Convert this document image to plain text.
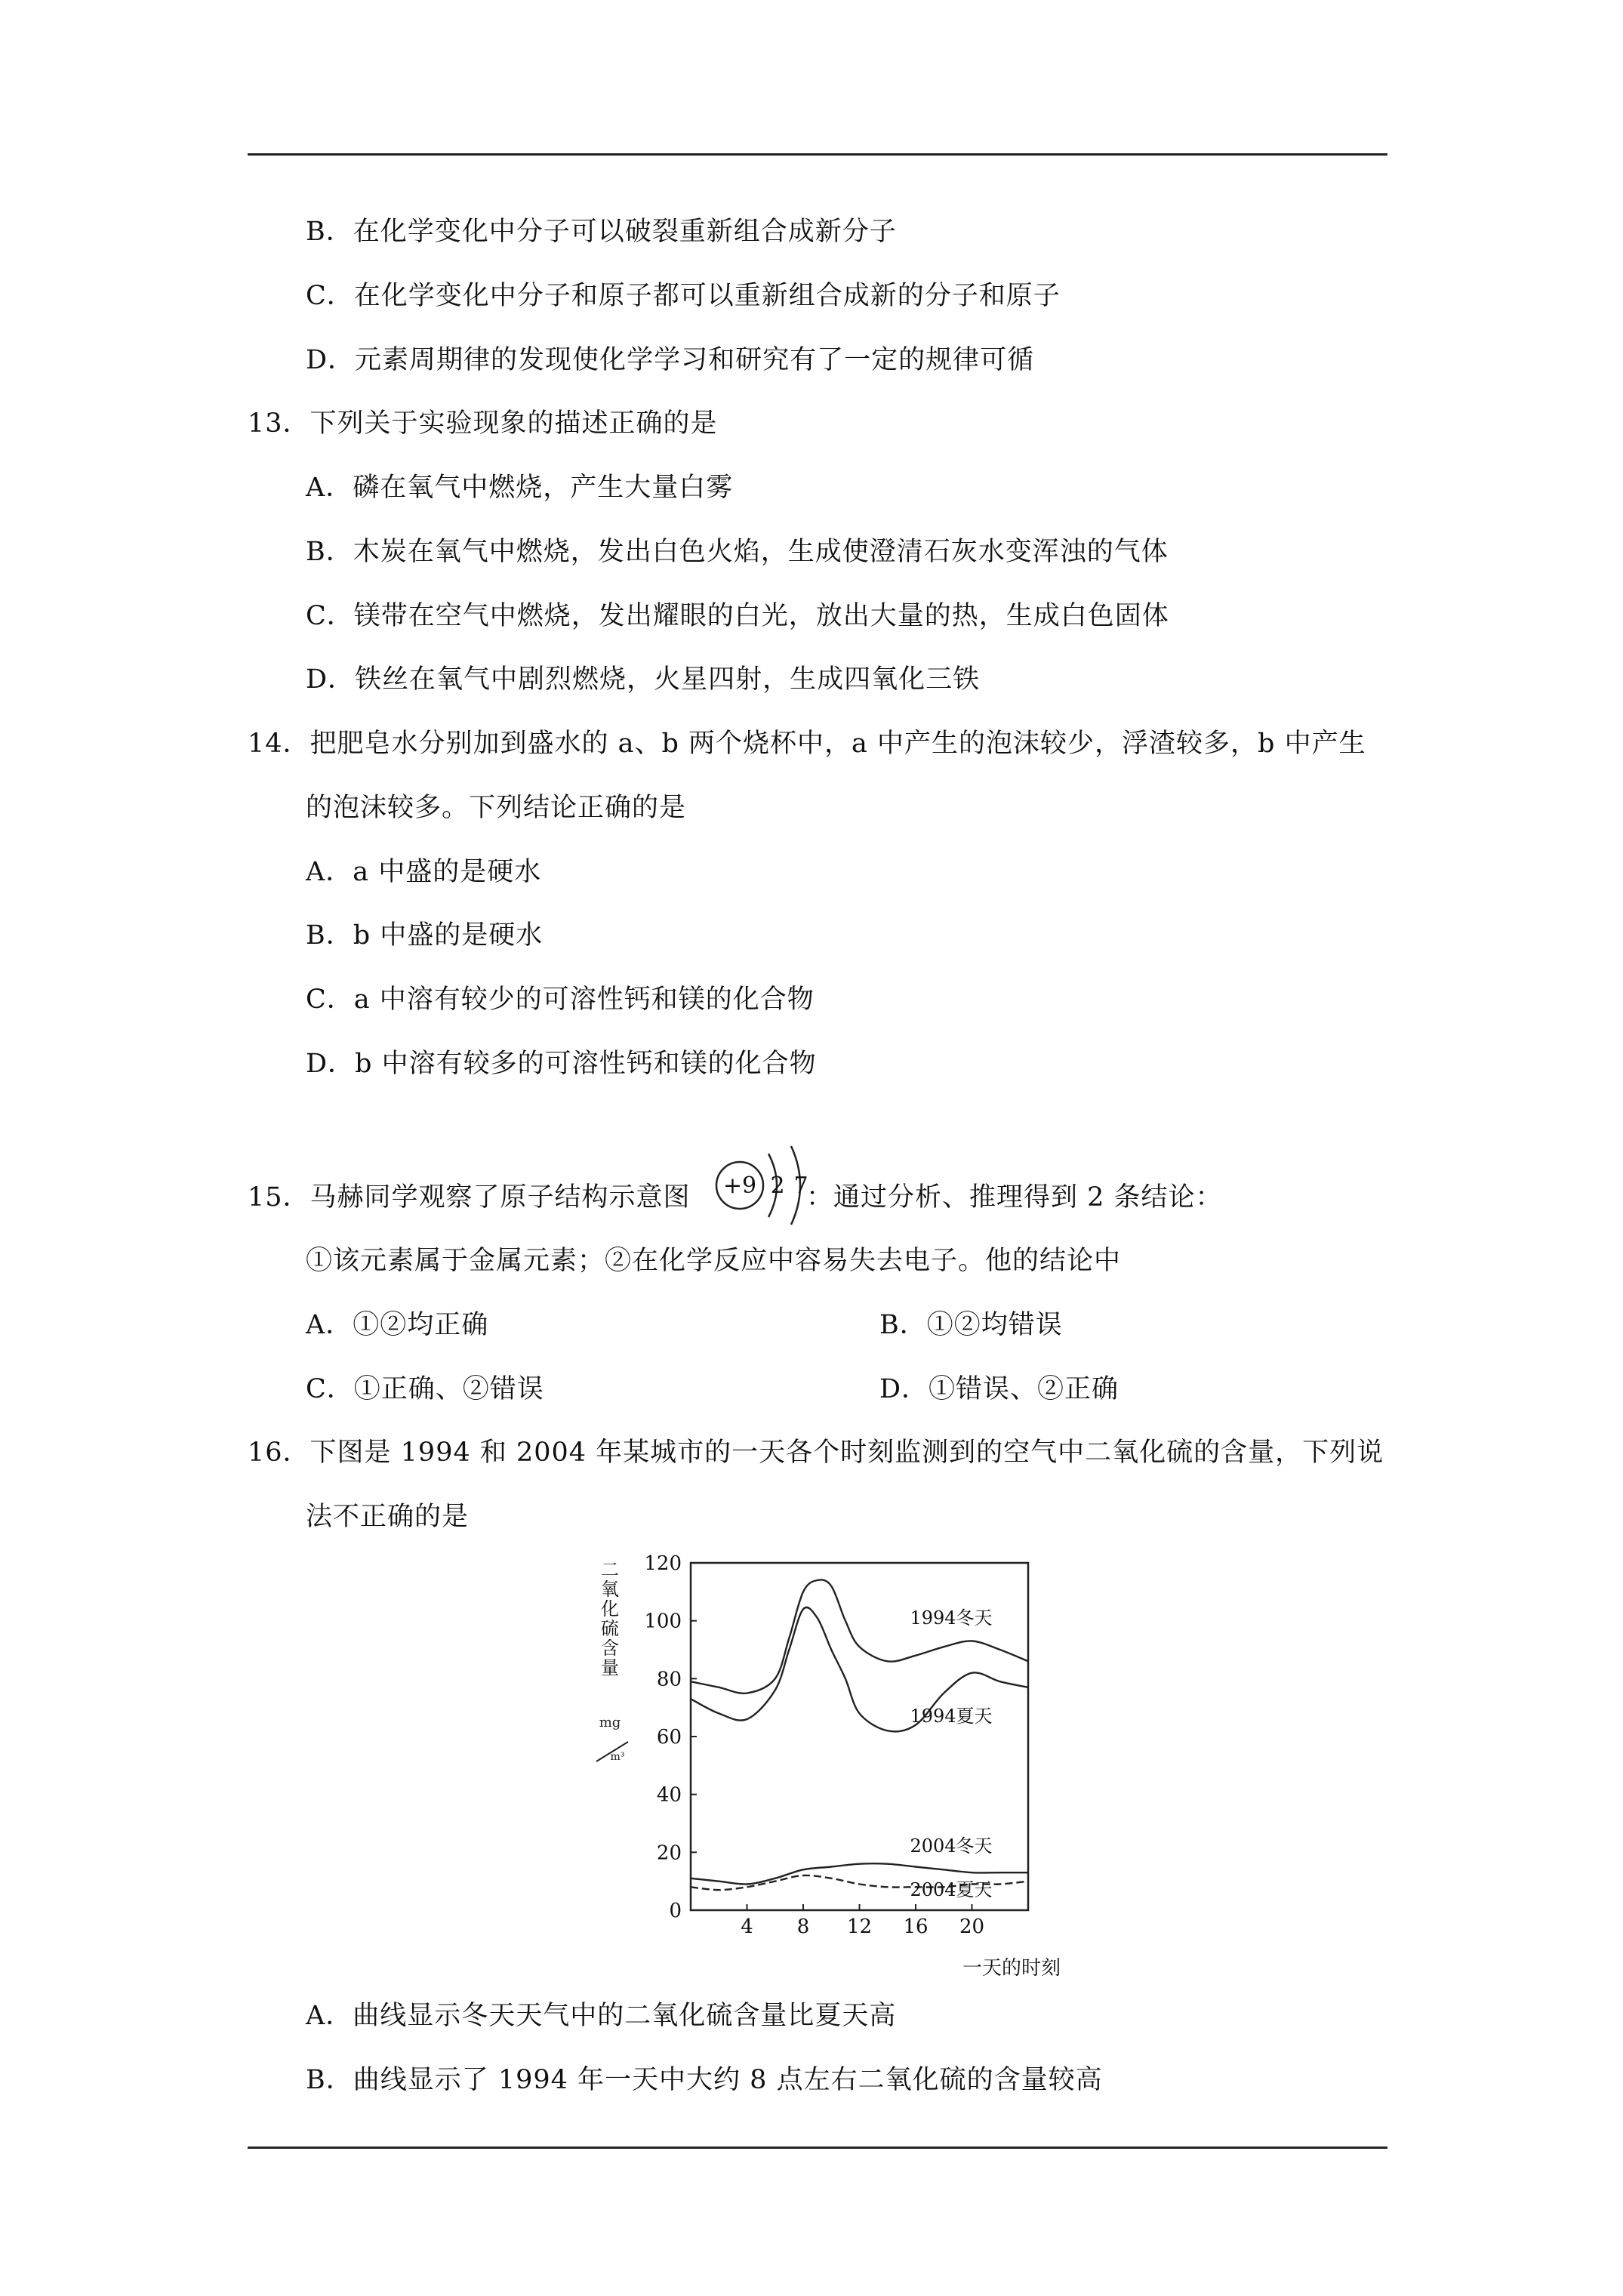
B．在化学变化中分子可以破裂重新组合成新分子
C．在化学变化中分子和原子都可以重新组合成新的分子和原子
D．元素周期律的发现使化学学习和研究有了一定的规律可循
13．下列关于实验现象的描述正确的是
A．磷在氧气中燃烧，产生大量白雾
B．木炭在氧气中燃烧，发出白色火焰，生成使澄清石灰水变浑浊的气体
C．镁带在空气中燃烧，发出耀眼的白光，放出大量的热，生成白色固体
D．铁丝在氧气中剧烈燃烧，火星四射，生成四氧化三铁
14．把肥皂水分别加到盛水的 a、b 两个烧杯中，a 中产生的泡沫较少，浮渣较多，b 中产生
的泡沫较多。下列结论正确的是
A．a 中盛的是硬水
B．b 中盛的是硬水
C．a 中溶有较少的可溶性钙和镁的化合物
D．b 中溶有较多的可溶性钙和镁的化合物
15．马赫同学观察了原子结构示意图 +9 2 7
：通过分析、推理得到 2 条结论：
①该元素属于金属元素；②在化学反应中容易失去电子。他的结论中
A．①②均正确	B．①②均错误
C．①正确、②错误	D．①错误、②正确
16．下图是 1994 和 2004 年某城市的一天各个时刻监测到的空气中二氧化硫的含量，下列说
法不正确的是
二
氧
化
硫
含
量
mg
m³
0
20
40
60
80
100
120
4 8 12 16 20
1994冬天
1994夏天
2004冬天
2004夏天
一天的时刻
A．曲线显示冬天天气中的二氧化硫含量比夏天高
B．曲线显示了 1994 年一天中大约 8 点左右二氧化硫的含量较高
